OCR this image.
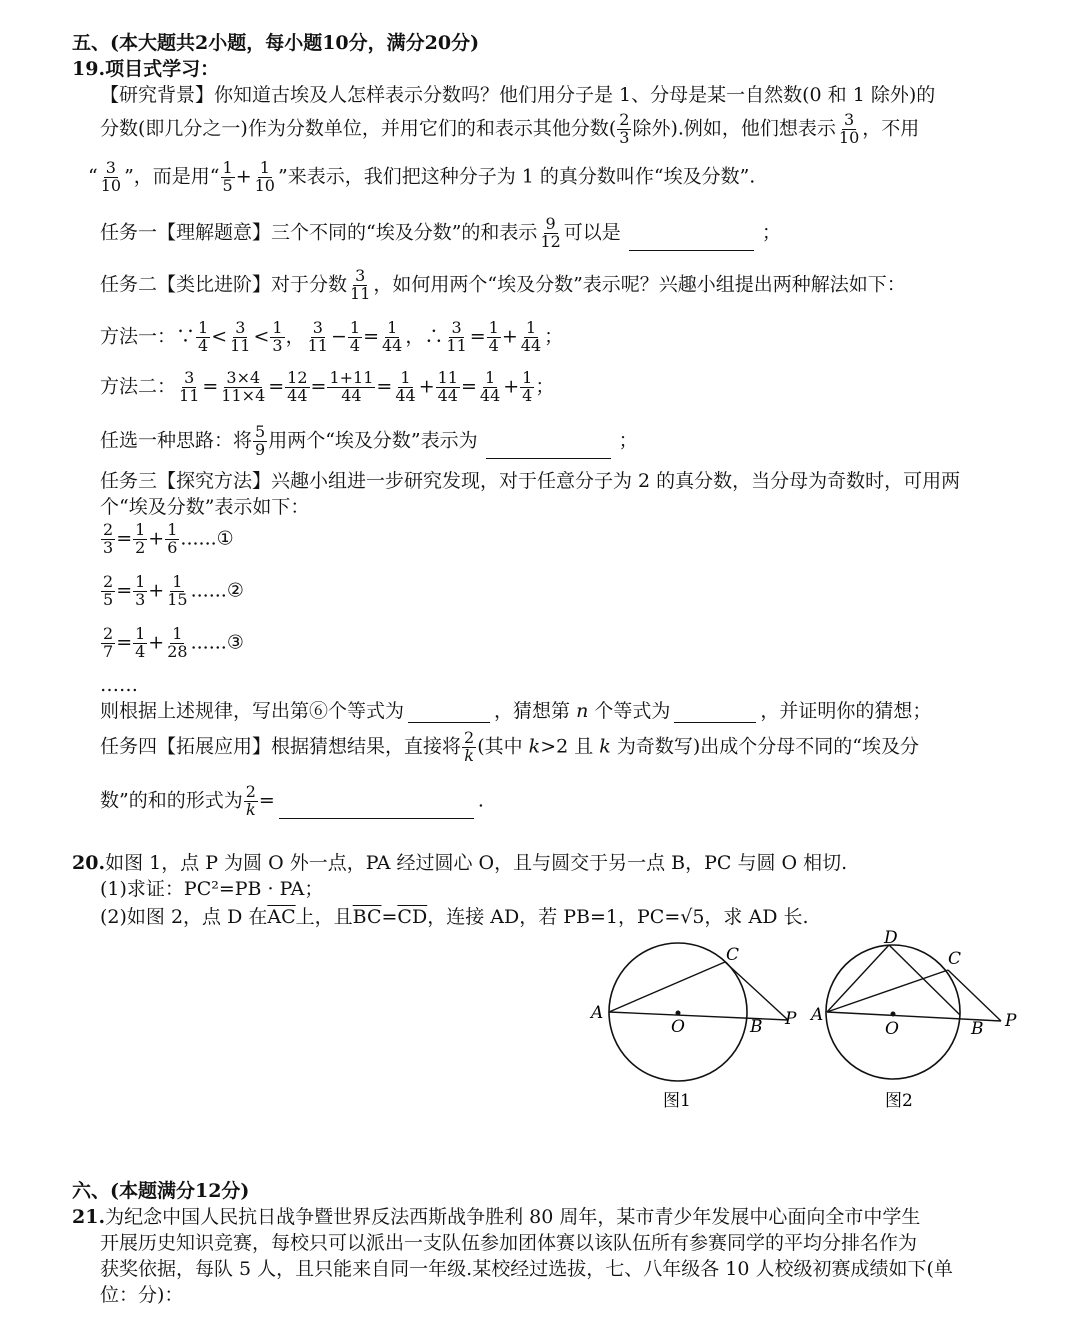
五、(本大题共2小题，每小题10分，满分20分)
19.项目式学习：
【研究背景】你知道古埃及人怎样表示分数吗？他们用分子是 1、分母是某一自然数(0 和 1 除外)的
分数(即几分之一)作为分数单位，并用它们的和表示其他分数( $\frac{2}{3}$ 除外).例如，他们想表示 $\frac{3}{10}$ ，不用
“ $\frac{3}{10}$ ”，而是用“ $\frac{1}{5} + \frac{1}{10}$ ”来表示，我们把这种分子为 1 的真分数叫作“埃及分数”.
任务一【理解题意】三个不同的“埃及分数”的和表示 $\frac{9}{12}$ 可以是	；
任务二【类比进阶】对于分数 $\frac{3}{11}$ ，如何用两个“埃及分数”表示呢？兴趣小组提出两种解法如下：
方法一：∵ $\frac{1}{4} < \frac{3}{11} < \frac{1}{3}$ ， $\frac{3}{11} - \frac{1}{4} = \frac{1}{44}$ ，∴ $\frac{3}{11} = \frac{1}{4} + \frac{1}{44}$ ；
方法二： $\frac{3}{11} = \frac{3\times 4}{11\times 4} = \frac{12}{44} = \frac{1+11}{44} = \frac{1}{44} + \frac{11}{44} = \frac{1}{44} + \frac{1}{4}$ ；
任选一种思路：将 $\frac{5}{9}$ 用两个“埃及分数”表示为	；
任务三【探究方法】兴趣小组进一步研究发现，对于任意分子为 2 的真分数，当分母为奇数时，可用两
个“埃及分数”表示如下：
$\frac{2}{3} = \frac{1}{2} + \frac{1}{6}$ ......①
$\frac{2}{5} = \frac{1}{3} + \frac{1}{15}$ ......②
$\frac{2}{7} = \frac{1}{4} + \frac{1}{28}$ ......③
……
则根据上述规律，写出第⑥个等式为	，猜想第 n 个等式为	，并证明你的猜想；
任务四【拓展应用】根据猜想结果，直接将 $\frac{2}{k}$ (其中 k>2 且 k 为奇数写)出成个分母不同的“埃及分
数”的和的形式为 $\frac{2}{k}$ =	.
20.如图 1，点 P 为圆 O 外一点，PA 经过圆心 O，且与圆交于另一点 B，PC 与圆 O 相切.
(1)求证：PC²=PB · PA；
(2)如图 2，点 D 在$\overline{AC}$上，且$\overline{BC}=\overline{CD}$，连接 AD，若 PB=1，PC=√5，求 AD 长.
A
O	B
C
P
图1
A
O	B
C
D
P
图2
六、(本题满分12分)
21.为纪念中国人民抗日战争暨世界反法西斯战争胜利 80 周年，某市青少年发展中心面向全市中学生
开展历史知识竞赛，每校只可以派出一支队伍参加团体赛以该队伍所有参赛同学的平均分排名作为
获奖依据，每队 5 人，且只能来自同一年级.某校经过选拔，七、八年级各 10 人校级初赛成绩如下(单
位：分)：
